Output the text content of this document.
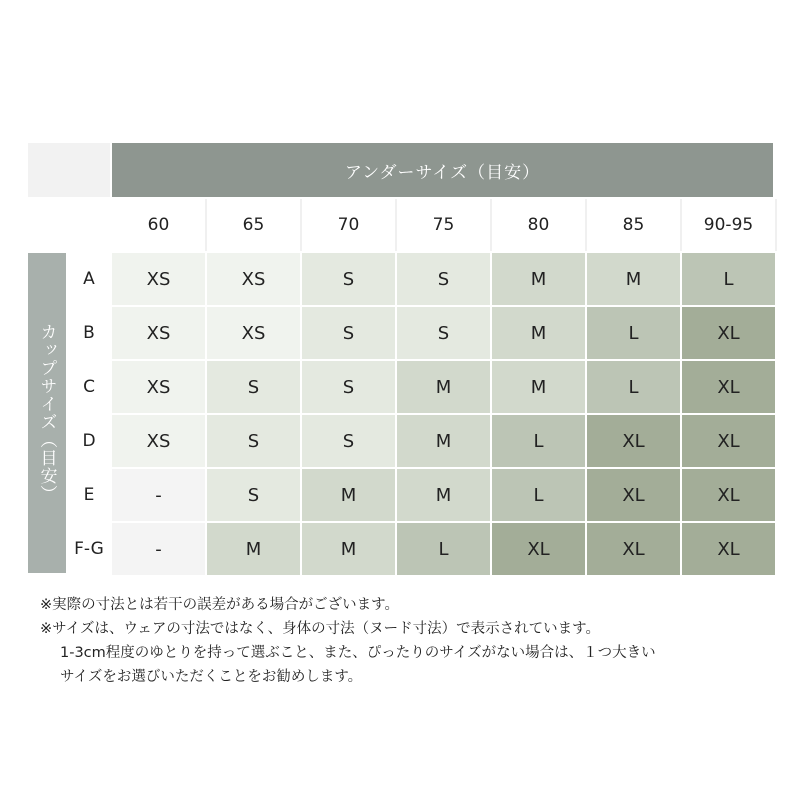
アンダーサイズ（目安）
60	65	70	75	80	85	90-95
カップサイズ（目安）
A	XS	XS	S	S	M	M	L
B	XS	XS	S	S	M	L	XL
C	XS	S	S	M	M	L	XL
D	XS	S	S	M	L	XL	XL
E	-	S	M	M	L	XL	XL
F-G	-	M	M	L	XL	XL	XL
※実際の寸法とは若干の誤差がある場合がございます。
※サイズは、ウェアの寸法ではなく、身体の寸法（ヌード寸法）で表示されています。
1-3cm程度のゆとりを持って選ぶこと、また、ぴったりのサイズがない場合は、１つ大きい
サイズをお選びいただくことをお勧めします。
